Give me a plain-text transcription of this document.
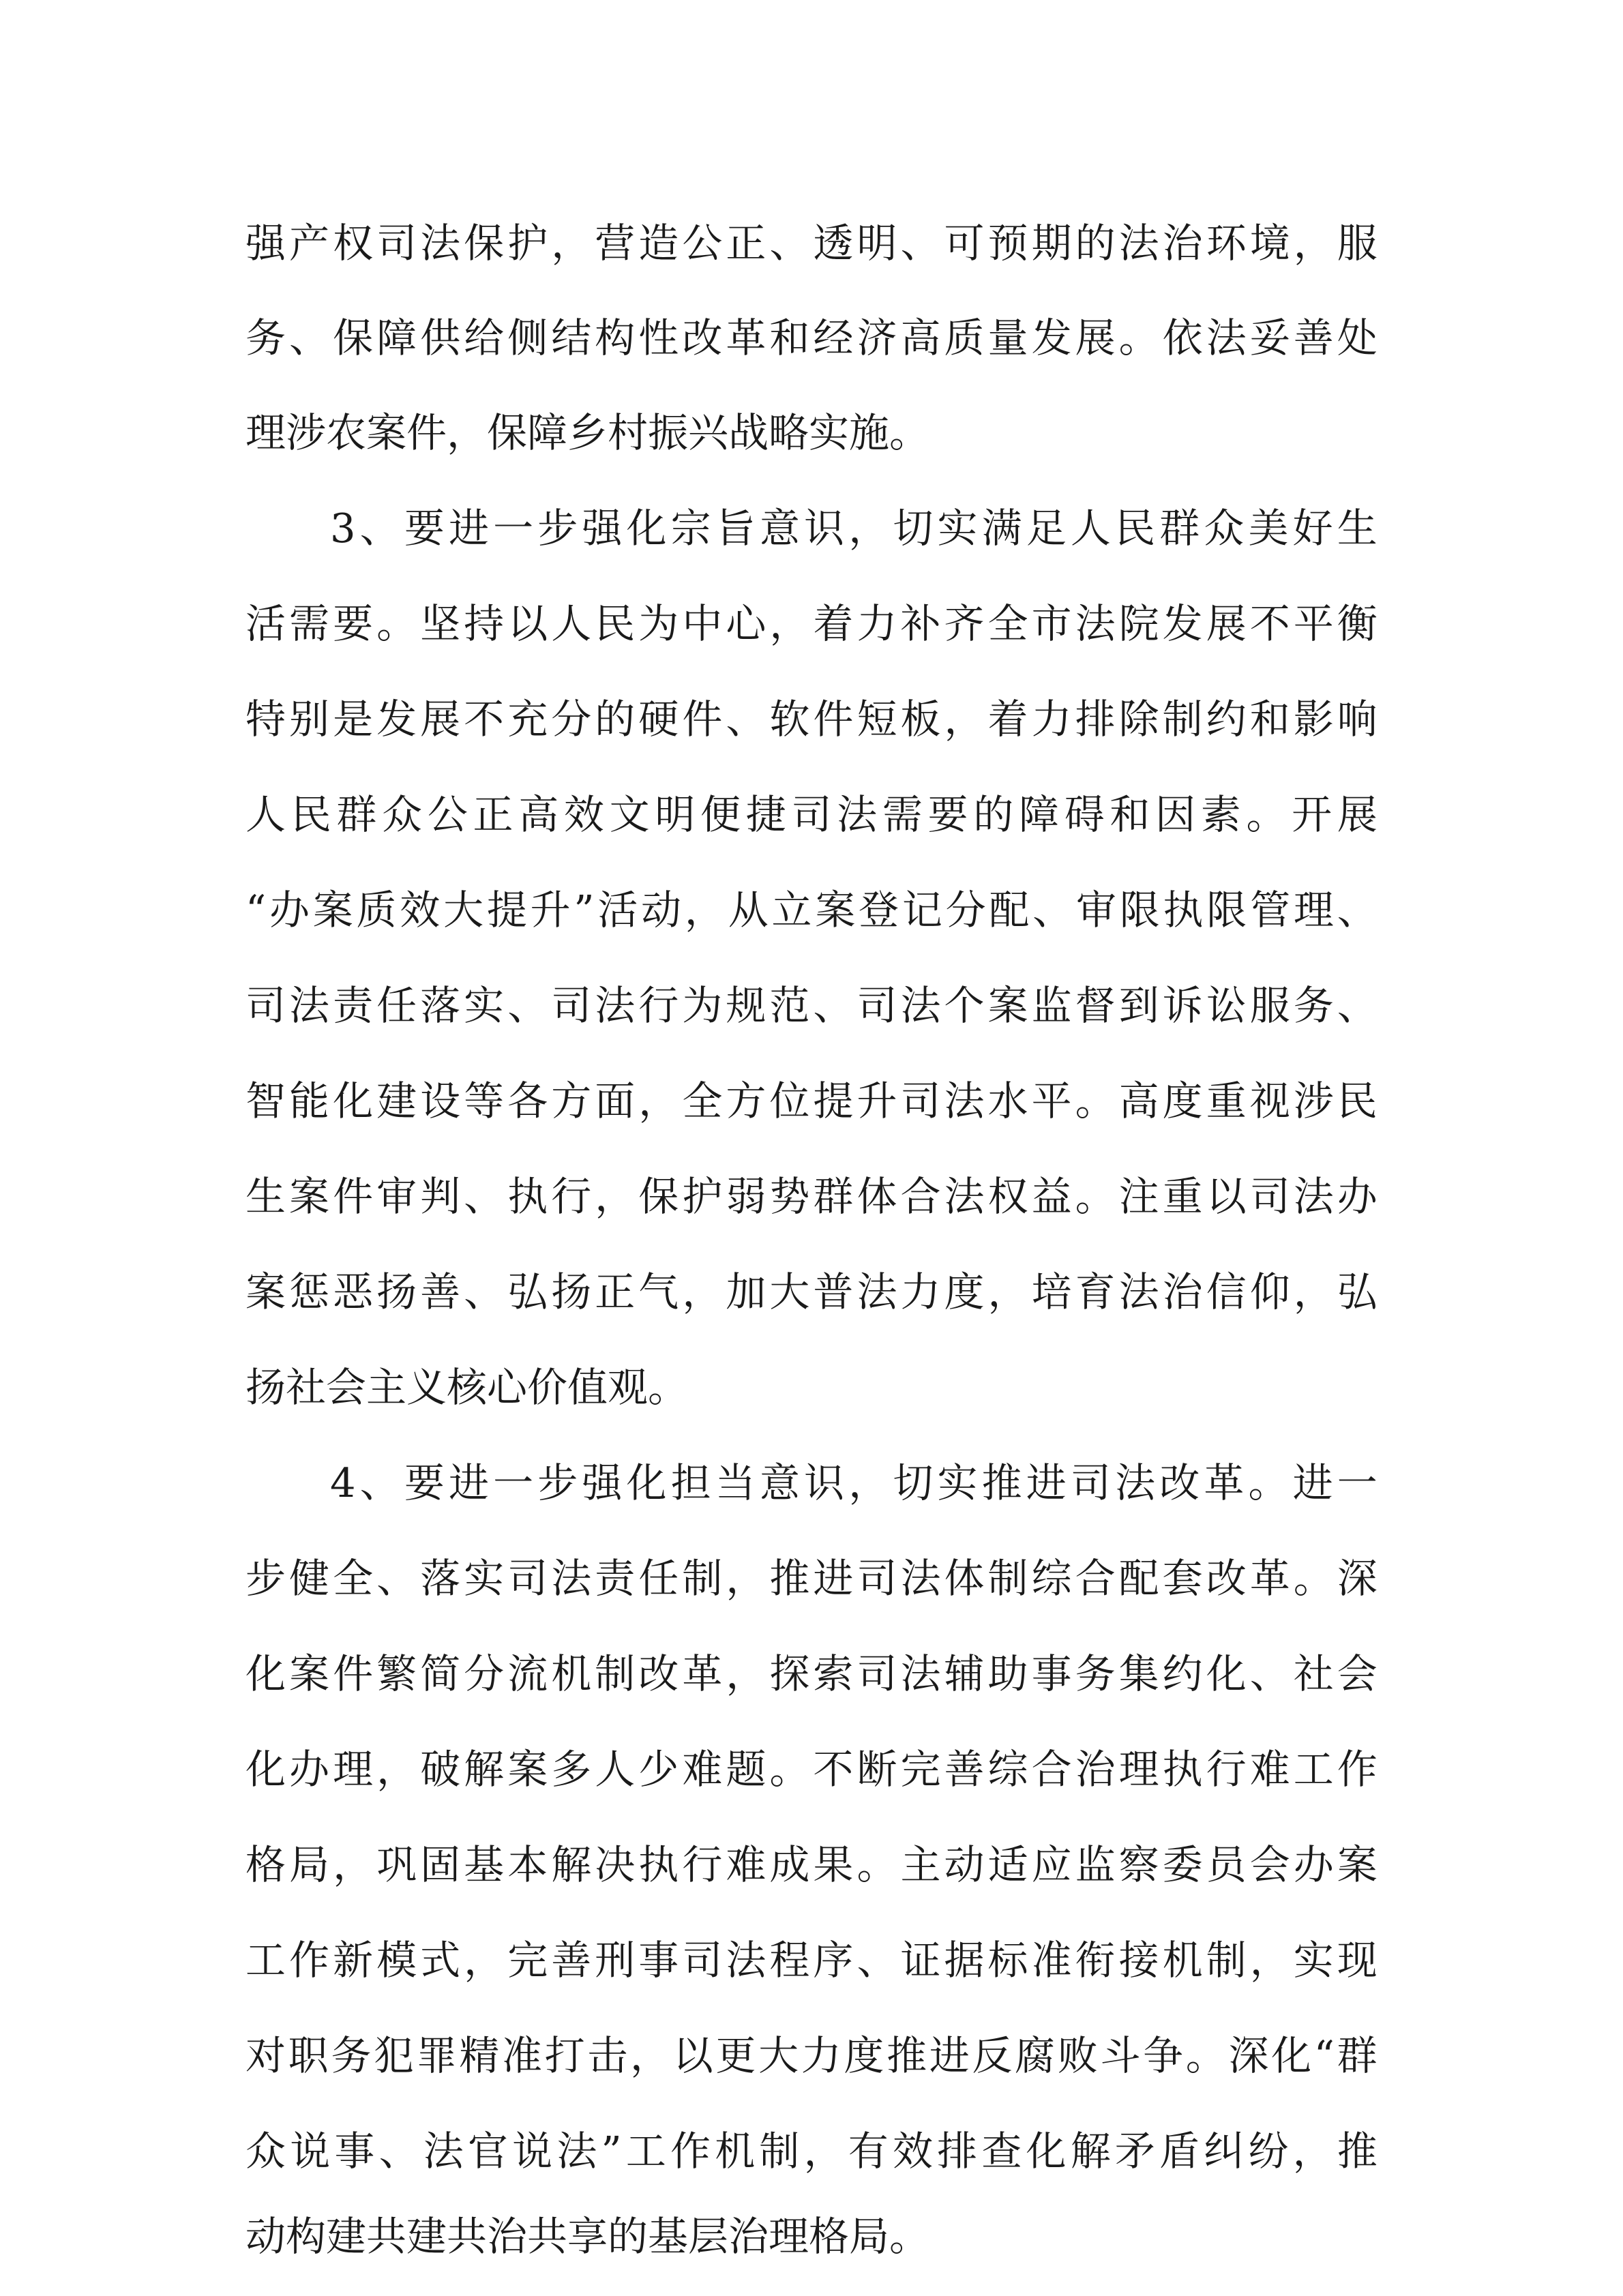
强 产 权 司 法 保 护 ， 营 造 公 正 、 透 明 、 可 预 期 的 法 治 环 境 ， 服
务 、 保 障 供 给 侧 结 构 性 改 革 和 经 济 高 质 量 发 展 。 依 法 妥 善 处
理涉农案件，保障乡村振兴战略实施。
3 、 要 进 一 步 强 化 宗 旨 意 识 ， 切 实 满 足 人 民 群 众 美 好 生
活 需 要 。 坚 持 以 人 民 为 中 心 ， 着 力 补 齐 全 市 法 院 发 展 不 平 衡
特 别 是 发 展 不 充 分 的 硬 件 、 软 件 短 板 ， 着 力 排 除 制 约 和 影 响
人 民 群 众 公 正 高 效 文 明 便 捷 司 法 需 要 的 障 碍 和 因 素 。 开 展
“ 办 案 质 效 大 提 升 ” 活 动 ， 从 立 案 登 记 分 配 、 审 限 执 限 管 理 、
司 法 责 任 落 实 、 司 法 行 为 规 范 、 司 法 个 案 监 督 到 诉 讼 服 务 、
智 能 化 建 设 等 各 方 面 ， 全 方 位 提 升 司 法 水 平 。 高 度 重 视 涉 民
生 案 件 审 判 、 执 行 ， 保 护 弱 势 群 体 合 法 权 益 。 注 重 以 司 法 办
案 惩 恶 扬 善 、 弘 扬 正 气 ， 加 大 普 法 力 度 ， 培 育 法 治 信 仰 ， 弘
扬社会主义核心价值观。
4 、 要 进 一 步 强 化 担 当 意 识 ， 切 实 推 进 司 法 改 革 。 进 一
步 健 全 、 落 实 司 法 责 任 制 ， 推 进 司 法 体 制 综 合 配 套 改 革 。 深
化 案 件 繁 简 分 流 机 制 改 革 ， 探 索 司 法 辅 助 事 务 集 约 化 、 社 会
化 办 理 ， 破 解 案 多 人 少 难 题 。 不 断 完 善 综 合 治 理 执 行 难 工 作
格 局 ， 巩 固 基 本 解 决 执 行 难 成 果 。 主 动 适 应 监 察 委 员 会 办 案
工 作 新 模 式 ， 完 善 刑 事 司 法 程 序 、 证 据 标 准 衔 接 机 制 ， 实 现
对 职 务 犯 罪 精 准 打 击 ， 以 更 大 力 度 推 进 反 腐 败 斗 争 。 深 化 “ 群
众 说 事 、 法 官 说 法 ” 工 作 机 制 ， 有 效 排 查 化 解 矛 盾 纠 纷 ， 推
动构建共建共治共享的基层治理格局。
